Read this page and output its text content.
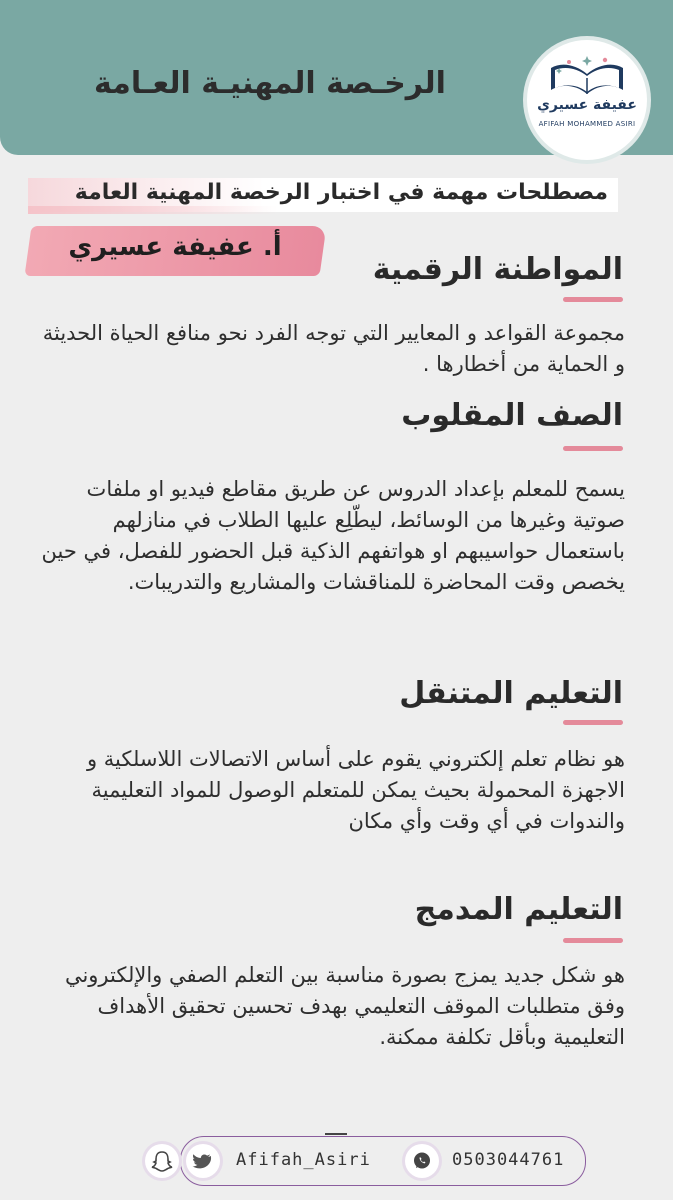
الرخـصة المهنيـة العـامة
عفيفة عسيري
AFIFAH MOHAMMED ASIRI
مصطلحات مهمة في اختبار الرخصة المهنية العامة
أ. عفيفة عسيري
المواطنة الرقمية
مجموعة القواعد و المعايير التي توجه الفرد نحو منافع الحياة الحديثة و الحماية من أخطارها .
الصف المقلوب
يسمح للمعلم بإعداد الدروس عن طريق مقاطع فيديو او ملفات صوتية وغيرها من الوسائط، ليطّلِع عليها الطلاب في منازلهم باستعمال حواسيبهم او هواتفهم الذكية قبل الحضور للفصل، في حين يخصص وقت المحاضرة للمناقشات والمشاريع والتدريبات.
التعليم المتنقل
هو نظام تعلم إلكتروني يقوم على أساس الاتصالات اللاسلكية و الاجهزة المحمولة بحيث يمكن للمتعلم الوصول للمواد التعليمية والندوات في أي وقت وأي مكان
التعليم المدمج
هو شكل جديد يمزج بصورة مناسبة بين التعلم الصفي والإلكتروني وفق متطلبات الموقف التعليمي بهدف تحسين تحقيق الأهداف التعليمية وبأقل تكلفة ممكنة.
Afifah_Asiri	0503044761
